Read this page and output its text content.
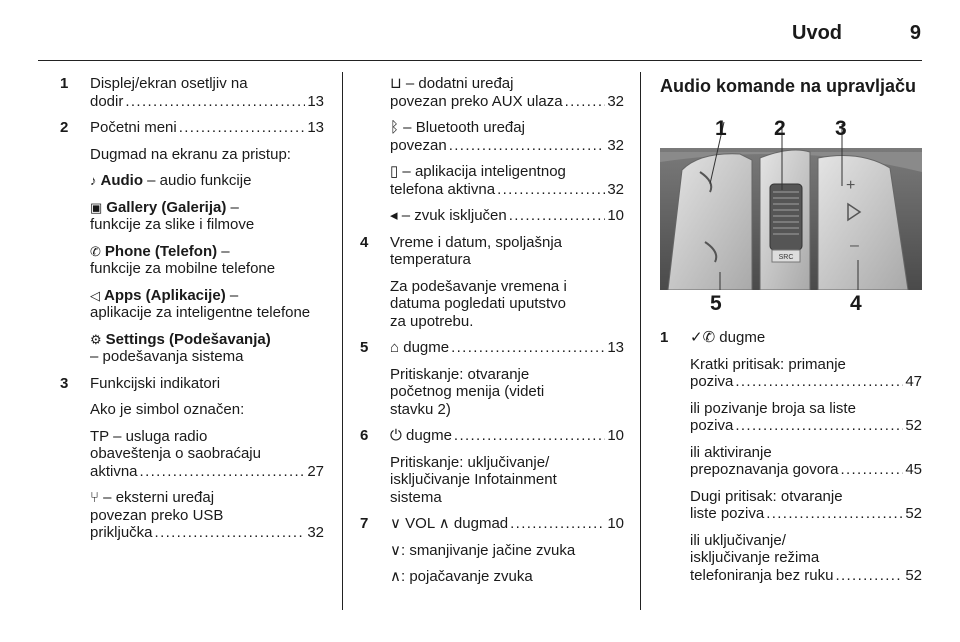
Uvod	9
1 Displej/ekran osetljiv na

dodir . . .	13
2 Početni meni . . .	13

Dugmad na ekranu za pristup:

♪ Audio – audio funkcije

▣ Gallery (Galerija) –

funkcije za slike i filmove

✆ Phone (Telefon) –

funkcije za mobilne telefone

◁ Apps (Aplikacije) –

aplikacije za inteligentne telefone

⚙ Settings (Podešavanja)

– podešavanja sistema

3 Funkcijski indikatori

Ako je simbol označen:

TP – usluga radio

obaveštenja o saobraćaju

aktivna . . .	27

⑂ – eksterni uređaj

povezan preko USB

priključka . . .	32

⊔ – dodatni uređaj

povezan preko AUX ulaza . . .	32

ᛒ – Bluetooth uređaj

povezan . . .	32

▯ – aplikacija inteligentnog

telefona aktivna . . .	32
◂ – zvuk isključen . . .	10
4 Vreme i datum, spoljašnja

temperatura

Za podešavanje vremena i

datuma pogledati uputstvo

za upotrebu.

5 ⌂ dugme . . .	13

Pritiskanje: otvaranje

početnog menija (videti

stavku 2)

6 ⏻ dugme . . .	10

Pritiskanje: uključivanje/

isključivanje Infotainment

sistema

7 ∨ VOL ∧ dugmad . . .	10

∨: smanjivanje jačine zvuka

∧: pojačavanje zvuka

Audio komande na upravljaču

SRC
+
–
1 2 3
4
5
1 ✓✆ dugme

Kratki pritisak: primanje

poziva . . .	47

ili pozivanje broja sa liste

poziva . . .	52

ili aktiviranje

prepoznavanja govora . . .	45

Dugi pritisak: otvaranje

liste poziva . . .	52

ili uključivanje/

isključivanje režima

telefoniranja bez ruku . . .	52
